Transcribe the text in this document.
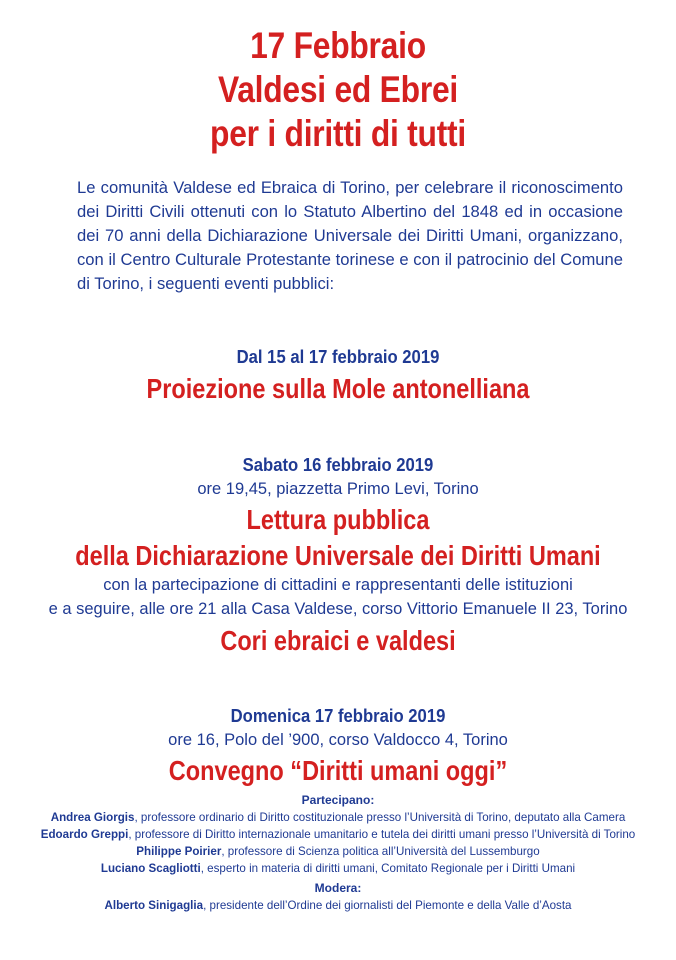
17 Febbraio
Valdesi ed Ebrei
per i diritti di tutti
Le comunità Valdese ed Ebraica di Torino, per celebrare il riconoscimento dei Diritti Civili ottenuti con lo Statuto Albertino del 1848 ed in occasione dei 70 anni della Dichiarazione Universale dei Diritti Umani, organizzano, con il Centro Culturale Protestante torinese e con il patrocinio del Comune di Torino, i seguenti eventi pubblici:
Dal 15 al 17 febbraio 2019
Proiezione sulla Mole antonelliana
Sabato 16 febbraio 2019
ore 19,45, piazzetta Primo Levi, Torino
Lettura pubblica
della Dichiarazione Universale dei Diritti Umani
con la partecipazione di cittadini e rappresentanti delle istituzioni
e a seguire, alle ore 21 alla Casa Valdese, corso Vittorio Emanuele II 23, Torino
Cori ebraici e valdesi
Domenica 17 febbraio 2019
ore 16, Polo del ’900, corso Valdocco 4, Torino
Convegno “Diritti umani oggi”
Partecipano:
Andrea Giorgis, professore ordinario di Diritto costituzionale presso l’Università di Torino, deputato alla Camera
Edoardo Greppi, professore di Diritto internazionale umanitario e tutela dei diritti umani presso l’Università di Torino
Philippe Poirier, professore di Scienza politica all’Università del Lussemburgo
Luciano Scagliotti, esperto in materia di diritti umani, Comitato Regionale per i Diritti Umani
Modera:
Alberto Sinigaglia, presidente dell’Ordine dei giornalisti del Piemonte e della Valle d’Aosta
